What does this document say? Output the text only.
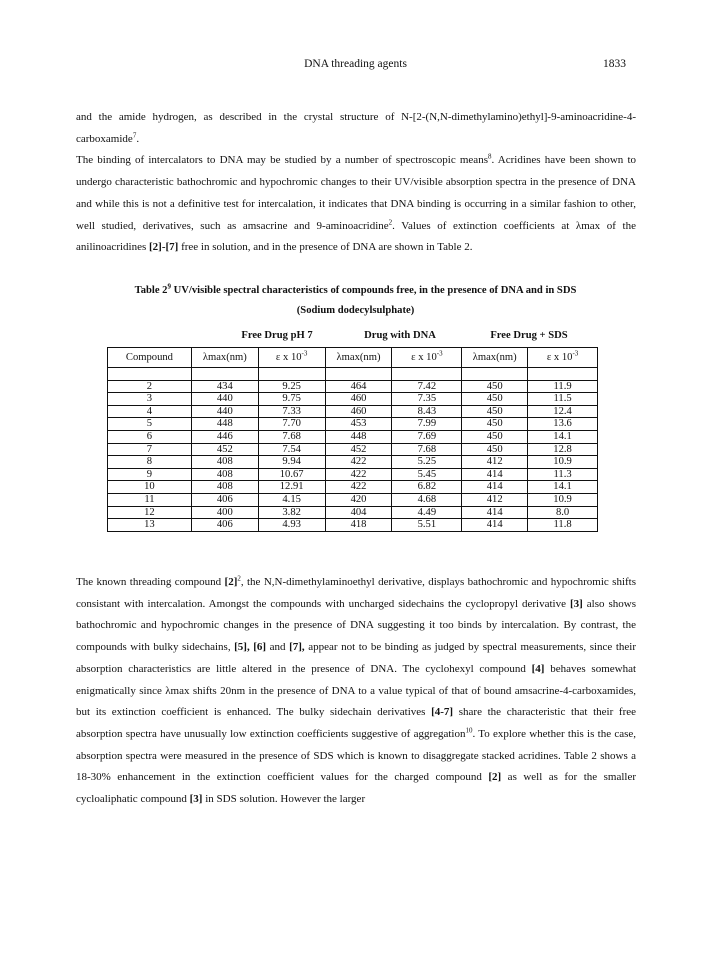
DNA threading agents	1833

and the amide hydrogen, as described in the crystal structure of N-[2-(N,N-dimethylamino)ethyl]-9-aminoacridine-4-carboxamide$^7$.

The binding of intercalators to DNA may be studied by a number of spectroscopic means$^8$. Acridines have been shown to undergo characteristic bathochromic and hypochromic changes to their UV/visible absorption spectra in the presence of DNA and while this is not a definitive test for intercalation, it indicates that DNA binding is occurring in a similar fashion to other, well studied, derivatives, such as amsacrine and 9-aminoacridine$^2$. Values of extinction coefficients at λmax of the anilinoacridines [2]-[7] free in solution, and in the presence of DNA are shown in Table 2.

Table $2^9$ UV/visible spectral characteristics of compounds free, in the presence of DNA and in SDS
(Sodium dodecylsulphate)
Free Drug pH 7	Drug with DNA	Free Drug + SDS
Compound	λmax(nm)	ε x $10^{-3}$	λmax(nm)	ε x $10^{-3}$	λmax(nm)	ε x $10^{-3}$

2	434	9.25	464	7.42	450	11.9
3	440	9.75	460	7.35	450	11.5
4	440	7.33	460	8.43	450	12.4
5	448	7.70	453	7.99	450	13.6
6	446	7.68	448	7.69	450	14.1
7	452	7.54	452	7.68	450	12.8
8	408	9.94	422	5.25	412	10.9
9	408	10.67	422	5.45	414	11.3
10	408	12.91	422	6.82	414	14.1
11	406	4.15	420	4.68	412	10.9
12	400	3.82	404	4.49	414	8.0
13	406	4.93	418	5.51	414	11.8

The known threading compound $[2]^2$, the N,N-dimethylaminoethyl derivative, displays bathochromic and hypochromic shifts consistant with intercalation. Amongst the compounds with uncharged sidechains the cyclopropyl derivative [3] also shows bathochromic and hypochromic changes in the presence of DNA suggesting it too binds by intercalation. By contrast, the compounds with bulky sidechains, [5], [6] and [7], appear not to be binding as judged by spectral measurements, since their absorption characteristics are little altered in the presence of DNA. The cyclohexyl compound [4] behaves somewhat enigmatically since λmax shifts 20nm in the presence of DNA to a value typical of that of bound amsacrine-4-carboxamides, but its extinction coefficient is enhanced. The bulky sidechain derivatives [4-7] share the characteristic that their free absorption spectra have unusually low extinction coefficients suggestive of aggregation$^{10}$. To explore whether this is the case, absorption spectra were measured in the presence of SDS which is known to disaggregate stacked acridines. Table 2 shows a 18-30% enhancement in the extinction coefficient values for the charged compound [2] as well as for the smaller cycloaliphatic compound [3] in SDS solution. However the larger
